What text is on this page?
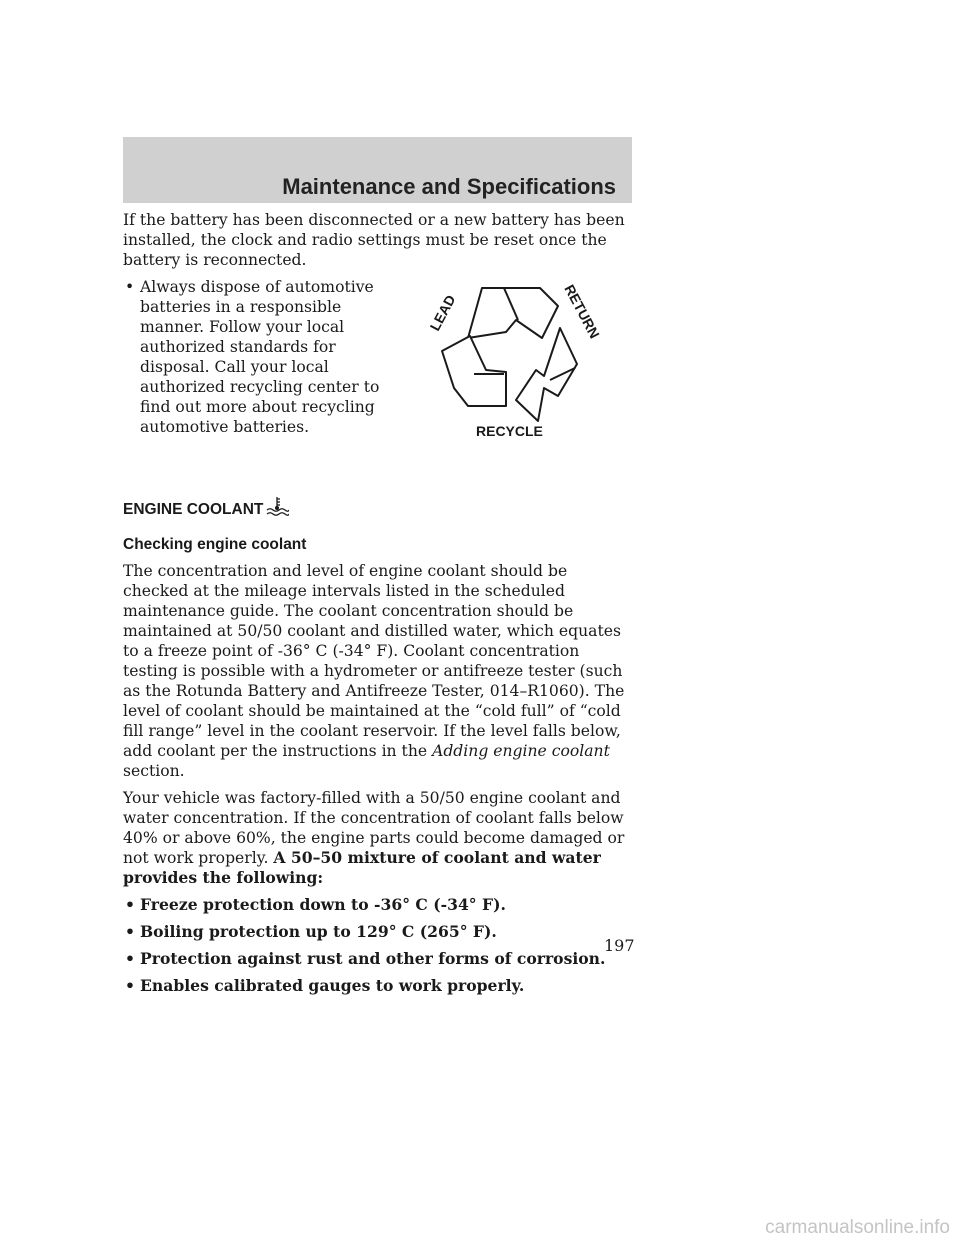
Maintenance and Specifications
LEAD	RETURN
RECYCLE

If the battery has been disconnected or a new battery has been installed, the clock and radio settings must be reset once the battery is reconnected.

• Always dispose of automotive batteries in a responsible manner. Follow your local authorized standards for disposal. Call your local authorized recycling center to find out more about recycling automotive batteries.
ENGINE COOLANT
Checking engine coolant

The concentration and level of engine coolant should be checked at the mileage intervals listed in the scheduled maintenance guide. The coolant concentration should be maintained at 50/50 coolant and distilled water, which equates to a freeze point of -36° C (-34° F). Coolant concentration testing is possible with a hydrometer or antifreeze tester (such as the Rotunda Battery and Antifreeze Tester, 014–R1060). The level of coolant should be maintained at the “cold full” of “cold fill range” level in the coolant reservoir. If the level falls below, add coolant per the instructions in the Adding engine coolant section.

Your vehicle was factory-filled with a 50/50 engine coolant and water concentration. If the concentration of coolant falls below 40% or above 60%, the engine parts could become damaged or not work properly. A 50–50 mixture of coolant and water provides the following:

• Freeze protection down to -36° C (-34° F).
• Boiling protection up to 129° C (265° F).
• Protection against rust and other forms of corrosion.
• Enables calibrated gauges to work properly.
197
carmanualsonline.info
